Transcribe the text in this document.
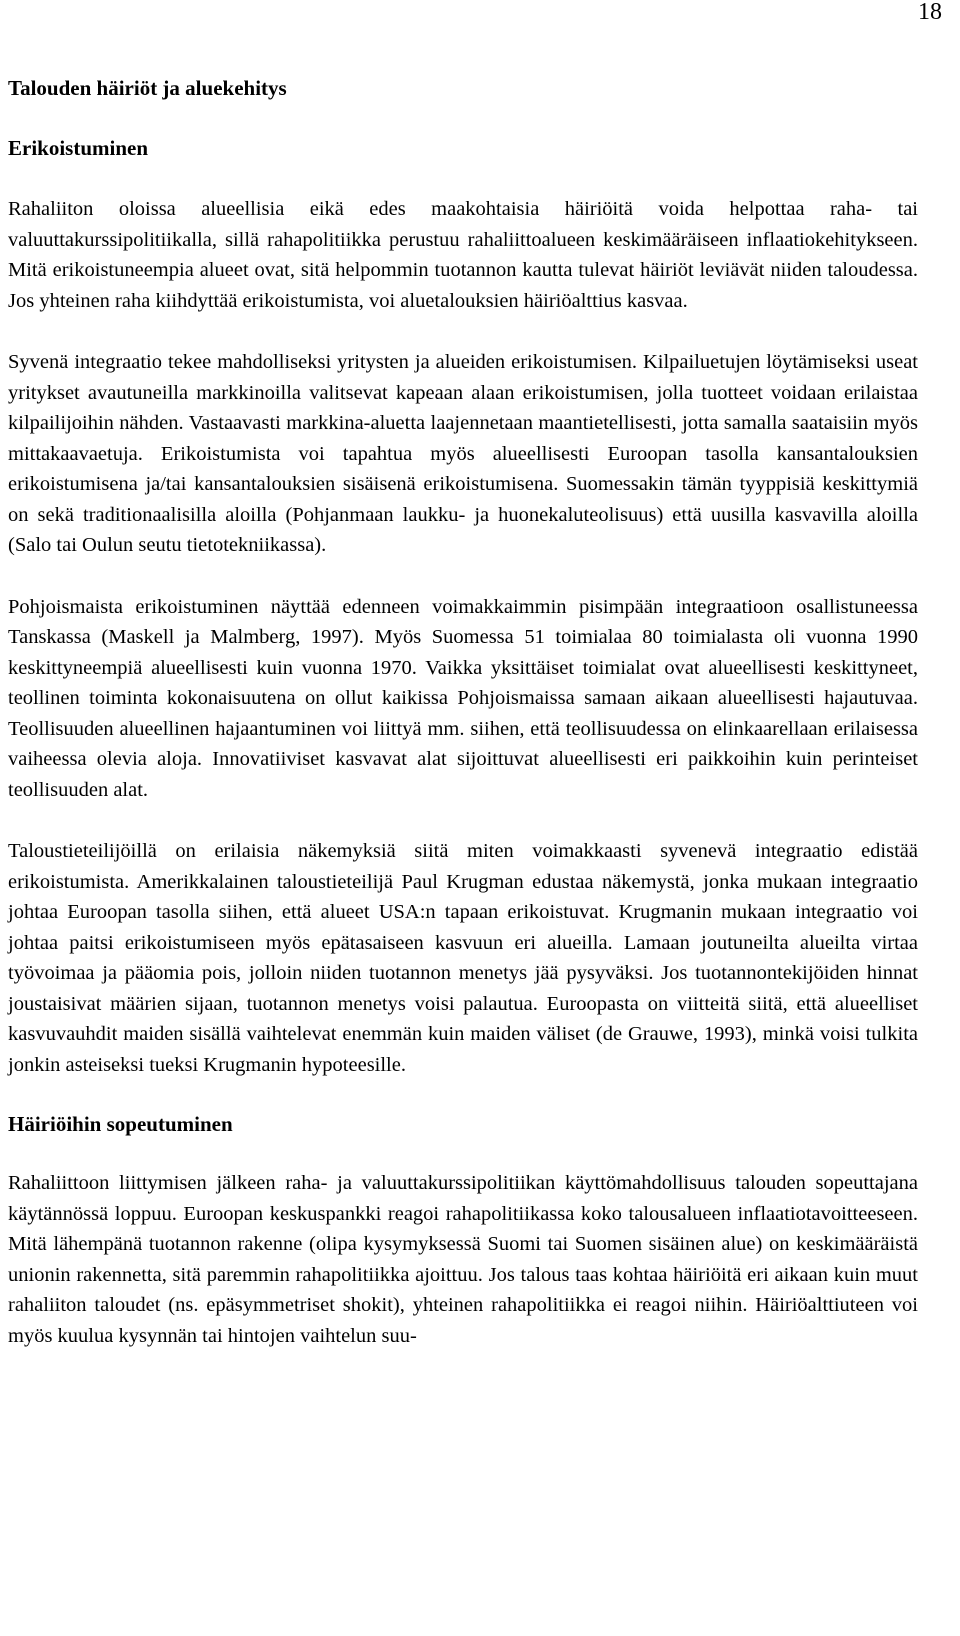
18
Talouden häiriöt ja aluekehitys
Erikoistuminen

Rahaliiton oloissa alueellisia eikä edes maakohtaisia häiriöitä voida helpottaa raha- tai valuuttakurssipolitiikalla, sillä rahapolitiikka perustuu rahaliittoalueen keskimääräiseen inflaatiokehitykseen. Mitä erikoistuneempia alueet ovat, sitä helpommin tuotannon kautta tulevat häiriöt leviävät niiden taloudessa. Jos yhteinen raha kiihdyttää erikoistumista, voi aluetalouksien häiriöalttius kasvaa.

Syvenä integraatio tekee mahdolliseksi yritysten ja alueiden erikoistumisen. Kilpailuetujen löytämiseksi useat yritykset avautuneilla markkinoilla valitsevat kapeaan alaan erikoistumisen, jolla tuotteet voidaan erilaistaa kilpailijoihin nähden. Vastaavasti markkina-aluetta laajennetaan maantietellisesti, jotta samalla saataisiin myös mittakaavaetuja. Erikoistumista voi tapahtua myös alueellisesti Euroopan tasolla kansantalouksien erikoistumisena ja/tai kansantalouksien sisäisenä erikoistumisena. Suomessakin tämän tyyppisiä keskittymiä on sekä traditionaalisilla aloilla (Pohjanmaan laukku- ja huonekaluteolisuus) että uusilla kasvavilla aloilla (Salo tai Oulun seutu tietotekniikassa).

Pohjoismaista erikoistuminen näyttää edenneen voimakkaimmin pisimpään integraatioon osallistuneessa Tanskassa (Maskell ja Malmberg, 1997). Myös Suomessa 51 toimialaa 80 toimialasta oli vuonna 1990 keskittyneempiä alueellisesti kuin vuonna 1970. Vaikka yksittäiset toimialat ovat alueellisesti keskittyneet, teollinen toiminta kokonaisuutena on ollut kaikissa Pohjoismaissa samaan aikaan alueellisesti hajautuvaa. Teollisuuden alueellinen hajaantuminen voi liittyä mm. siihen, että teollisuudessa on elinkaarellaan erilaisessa vaiheessa olevia aloja. Innovatiiviset kasvavat alat sijoittuvat alueellisesti eri paikkoihin kuin perinteiset teollisuuden alat.

Taloustieteilijöillä on erilaisia näkemyksiä siitä miten voimakkaasti syvenevä integraatio edistää erikoistumista. Amerikkalainen taloustieteilijä Paul Krugman edustaa näkemystä, jonka mukaan integraatio johtaa Euroopan tasolla siihen, että alueet USA:n tapaan erikoistuvat. Krugmanin mukaan integraatio voi johtaa paitsi erikoistumiseen myös epätasaiseen kasvuun eri alueilla. Lamaan joutuneilta alueilta virtaa työvoimaa ja pääomia pois, jolloin niiden tuotannon menetys jää pysyväksi. Jos tuotannontekijöiden hinnat joustaisivat määrien sijaan, tuotannon menetys voisi palautua. Euroopasta on viitteitä siitä, että alueelliset kasvuvauhdit maiden sisällä vaihtelevat enemmän kuin maiden väliset (de Grauwe, 1993), minkä voisi tulkita jonkin asteiseksi tueksi Krugmanin hypoteesille.

Häiriöihin sopeutuminen

Rahaliittoon liittymisen jälkeen raha- ja valuuttakurssipolitiikan käyttömahdollisuus talouden sopeuttajana käytännössä loppuu. Euroopan keskuspankki reagoi rahapolitiikassa koko talousalueen inflaatiotavoitteeseen. Mitä lähempänä tuotannon rakenne (olipa kysymyksessä Suomi tai Suomen sisäinen alue) on keskimääräistä unionin rakennetta, sitä paremmin rahapolitiikka ajoittuu. Jos talous taas kohtaa häiriöitä eri aikaan kuin muut rahaliiton taloudet (ns. epäsymmetriset shokit), yhteinen rahapolitiikka ei reagoi niihin. Häiriöalttiuteen voi myös kuulua kysynnän tai hintojen vaihtelun suu-
